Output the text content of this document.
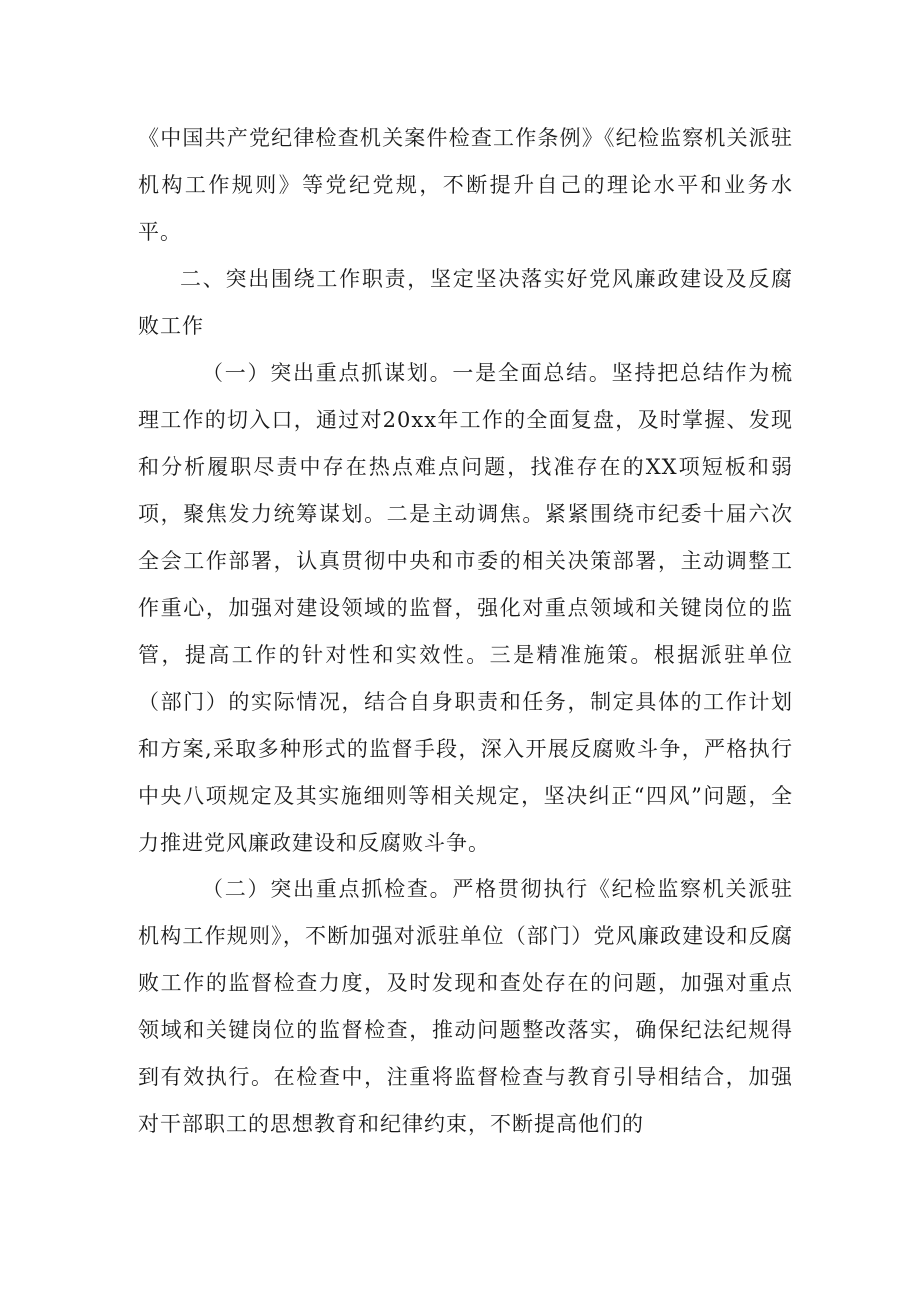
《中国共产党纪律检查机关案件检查工作条例》《纪检监察机关派驻机构工作规则》等党纪党规，不断提升自己的理论水平和业务水平。

二、突出围绕工作职责，坚定坚决落实好党风廉政建设及反腐败工作

（一）突出重点抓谋划。一是全面总结。坚持把总结作为梳理工作的切入口，通过对20xx年工作的全面复盘，及时掌握、发现和分析履职尽责中存在热点难点问题，找准存在的XX项短板和弱项，聚焦发力统筹谋划。二是主动调焦。紧紧围绕市纪委十届六次全会工作部署，认真贯彻中央和市委的相关决策部署，主动调整工作重心，加强对建设领域的监督，强化对重点领域和关键岗位的监管，提高工作的针对性和实效性。三是精准施策。根据派驻单位（部门）的实际情况，结合自身职责和任务，制定具体的工作计划和方案,采取多种形式的监督手段，深入开展反腐败斗争，严格执行中央八项规定及其实施细则等相关规定，坚决纠正“四风”问题，全力推进党风廉政建设和反腐败斗争。

（二）突出重点抓检查。严格贯彻执行《纪检监察机关派驻机构工作规则》，不断加强对派驻单位（部门）党风廉政建设和反腐败工作的监督检查力度，及时发现和查处存在的问题，加强对重点领域和关键岗位的监督检查，推动问题整改落实，确保纪法纪规得到有效执行。在检查中，注重将监督检查与教育引导相结合，加强对干部职工的思想教育和纪律约束，不断提高他们的
